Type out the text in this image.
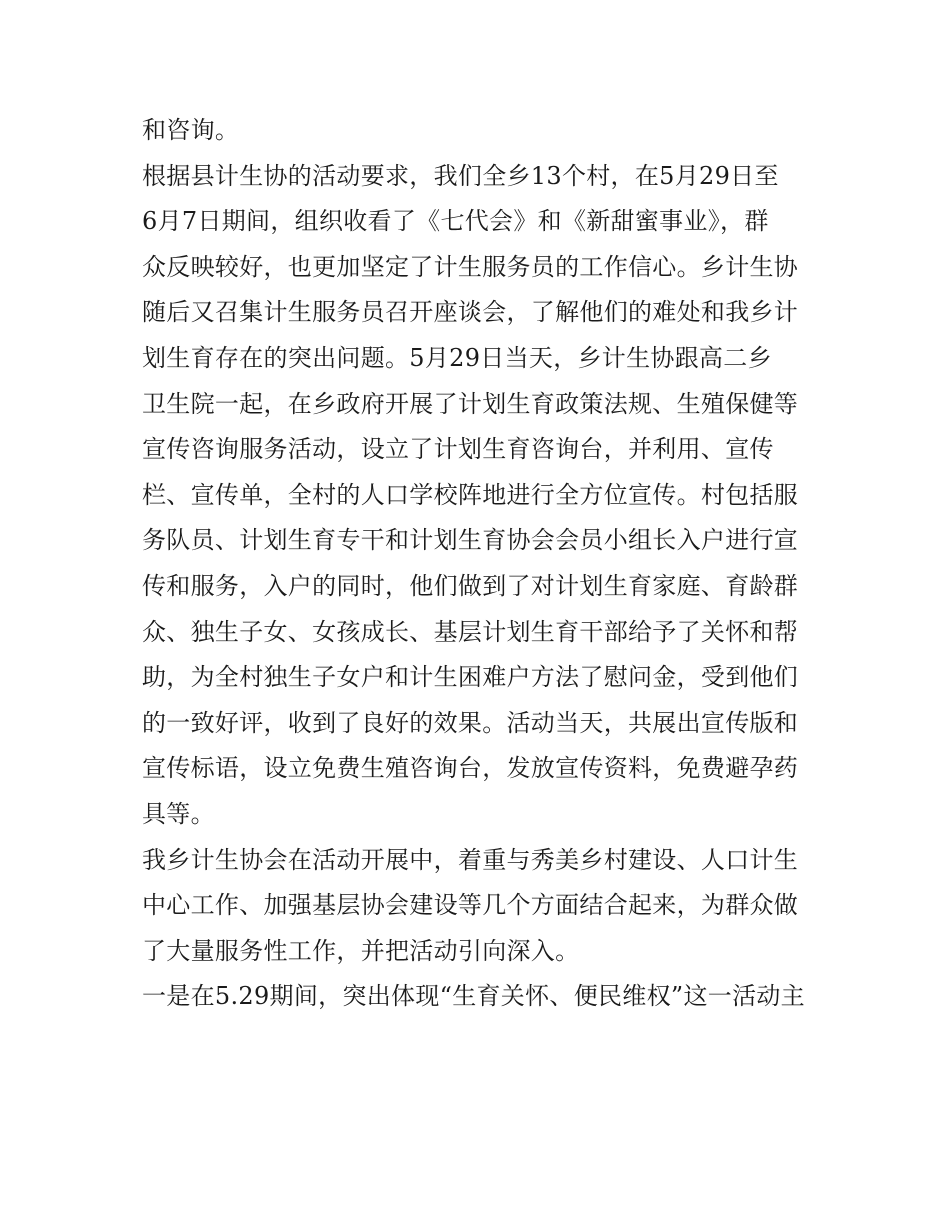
和咨询。
根据县计生协的活动要求，我们全乡13个村，在5月29日至
6月7日期间，组织收看了《七代会》和《新甜蜜事业》，群
众反映较好，也更加坚定了计生服务员的工作信心。乡计生协
随后又召集计生服务员召开座谈会，了解他们的难处和我乡计
划生育存在的突出问题。5月29日当天，乡计生协跟高二乡
卫生院一起，在乡政府开展了计划生育政策法规、生殖保健等
宣传咨询服务活动，设立了计划生育咨询台，并利用、宣传
栏、宣传单，全村的人口学校阵地进行全方位宣传。村包括服
务队员、计划生育专干和计划生育协会会员小组长入户进行宣
传和服务，入户的同时，他们做到了对计划生育家庭、育龄群
众、独生子女、女孩成长、基层计划生育干部给予了关怀和帮
助，为全村独生子女户和计生困难户方法了慰问金，受到他们
的一致好评，收到了良好的效果。活动当天，共展出宣传版和
宣传标语，设立免费生殖咨询台，发放宣传资料，免费避孕药
具等。
我乡计生协会在活动开展中，着重与秀美乡村建设、人口计生
中心工作、加强基层协会建设等几个方面结合起来，为群众做
了大量服务性工作，并把活动引向深入。
一是在5.29期间，突出体现“生育关怀、便民维权”这一活动主
